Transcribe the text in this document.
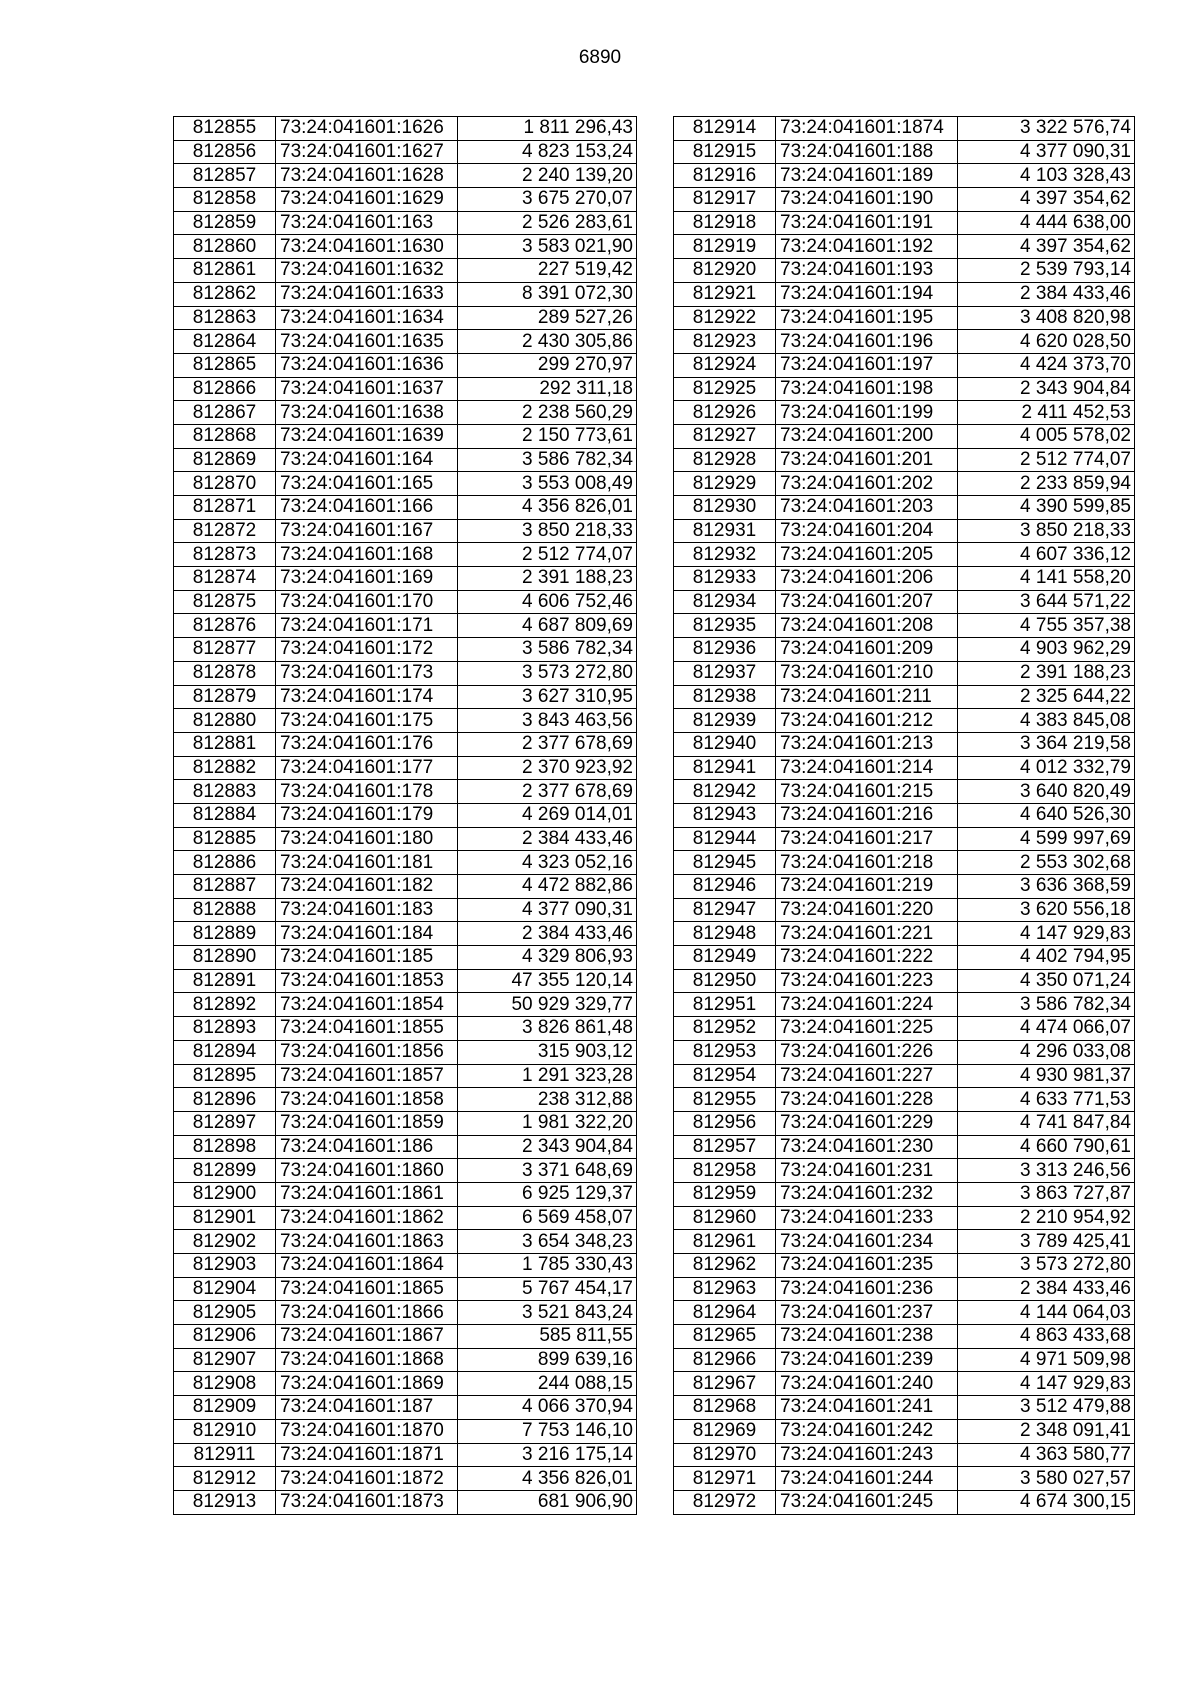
6890
812855	73:24:041601:1626	1 811 296,43
812856	73:24:041601:1627	4 823 153,24
812857	73:24:041601:1628	2 240 139,20
812858	73:24:041601:1629	3 675 270,07
812859	73:24:041601:163	2 526 283,61
812860	73:24:041601:1630	3 583 021,90
812861	73:24:041601:1632	227 519,42
812862	73:24:041601:1633	8 391 072,30
812863	73:24:041601:1634	289 527,26
812864	73:24:041601:1635	2 430 305,86
812865	73:24:041601:1636	299 270,97
812866	73:24:041601:1637	292 311,18
812867	73:24:041601:1638	2 238 560,29
812868	73:24:041601:1639	2 150 773,61
812869	73:24:041601:164	3 586 782,34
812870	73:24:041601:165	3 553 008,49
812871	73:24:041601:166	4 356 826,01
812872	73:24:041601:167	3 850 218,33
812873	73:24:041601:168	2 512 774,07
812874	73:24:041601:169	2 391 188,23
812875	73:24:041601:170	4 606 752,46
812876	73:24:041601:171	4 687 809,69
812877	73:24:041601:172	3 586 782,34
812878	73:24:041601:173	3 573 272,80
812879	73:24:041601:174	3 627 310,95
812880	73:24:041601:175	3 843 463,56
812881	73:24:041601:176	2 377 678,69
812882	73:24:041601:177	2 370 923,92
812883	73:24:041601:178	2 377 678,69
812884	73:24:041601:179	4 269 014,01
812885	73:24:041601:180	2 384 433,46
812886	73:24:041601:181	4 323 052,16
812887	73:24:041601:182	4 472 882,86
812888	73:24:041601:183	4 377 090,31
812889	73:24:041601:184	2 384 433,46
812890	73:24:041601:185	4 329 806,93
812891	73:24:041601:1853	47 355 120,14
812892	73:24:041601:1854	50 929 329,77
812893	73:24:041601:1855	3 826 861,48
812894	73:24:041601:1856	315 903,12
812895	73:24:041601:1857	1 291 323,28
812896	73:24:041601:1858	238 312,88
812897	73:24:041601:1859	1 981 322,20
812898	73:24:041601:186	2 343 904,84
812899	73:24:041601:1860	3 371 648,69
812900	73:24:041601:1861	6 925 129,37
812901	73:24:041601:1862	6 569 458,07
812902	73:24:041601:1863	3 654 348,23
812903	73:24:041601:1864	1 785 330,43
812904	73:24:041601:1865	5 767 454,17
812905	73:24:041601:1866	3 521 843,24
812906	73:24:041601:1867	585 811,55
812907	73:24:041601:1868	899 639,16
812908	73:24:041601:1869	244 088,15
812909	73:24:041601:187	4 066 370,94
812910	73:24:041601:1870	7 753 146,10
812911	73:24:041601:1871	3 216 175,14
812912	73:24:041601:1872	4 356 826,01
812913	73:24:041601:1873	681 906,90
812914	73:24:041601:1874	3 322 576,74
812915	73:24:041601:188	4 377 090,31
812916	73:24:041601:189	4 103 328,43
812917	73:24:041601:190	4 397 354,62
812918	73:24:041601:191	4 444 638,00
812919	73:24:041601:192	4 397 354,62
812920	73:24:041601:193	2 539 793,14
812921	73:24:041601:194	2 384 433,46
812922	73:24:041601:195	3 408 820,98
812923	73:24:041601:196	4 620 028,50
812924	73:24:041601:197	4 424 373,70
812925	73:24:041601:198	2 343 904,84
812926	73:24:041601:199	2 411 452,53
812927	73:24:041601:200	4 005 578,02
812928	73:24:041601:201	2 512 774,07
812929	73:24:041601:202	2 233 859,94
812930	73:24:041601:203	4 390 599,85
812931	73:24:041601:204	3 850 218,33
812932	73:24:041601:205	4 607 336,12
812933	73:24:041601:206	4 141 558,20
812934	73:24:041601:207	3 644 571,22
812935	73:24:041601:208	4 755 357,38
812936	73:24:041601:209	4 903 962,29
812937	73:24:041601:210	2 391 188,23
812938	73:24:041601:211	2 325 644,22
812939	73:24:041601:212	4 383 845,08
812940	73:24:041601:213	3 364 219,58
812941	73:24:041601:214	4 012 332,79
812942	73:24:041601:215	3 640 820,49
812943	73:24:041601:216	4 640 526,30
812944	73:24:041601:217	4 599 997,69
812945	73:24:041601:218	2 553 302,68
812946	73:24:041601:219	3 636 368,59
812947	73:24:041601:220	3 620 556,18
812948	73:24:041601:221	4 147 929,83
812949	73:24:041601:222	4 402 794,95
812950	73:24:041601:223	4 350 071,24
812951	73:24:041601:224	3 586 782,34
812952	73:24:041601:225	4 474 066,07
812953	73:24:041601:226	4 296 033,08
812954	73:24:041601:227	4 930 981,37
812955	73:24:041601:228	4 633 771,53
812956	73:24:041601:229	4 741 847,84
812957	73:24:041601:230	4 660 790,61
812958	73:24:041601:231	3 313 246,56
812959	73:24:041601:232	3 863 727,87
812960	73:24:041601:233	2 210 954,92
812961	73:24:041601:234	3 789 425,41
812962	73:24:041601:235	3 573 272,80
812963	73:24:041601:236	2 384 433,46
812964	73:24:041601:237	4 144 064,03
812965	73:24:041601:238	4 863 433,68
812966	73:24:041601:239	4 971 509,98
812967	73:24:041601:240	4 147 929,83
812968	73:24:041601:241	3 512 479,88
812969	73:24:041601:242	2 348 091,41
812970	73:24:041601:243	4 363 580,77
812971	73:24:041601:244	3 580 027,57
812972	73:24:041601:245	4 674 300,15
